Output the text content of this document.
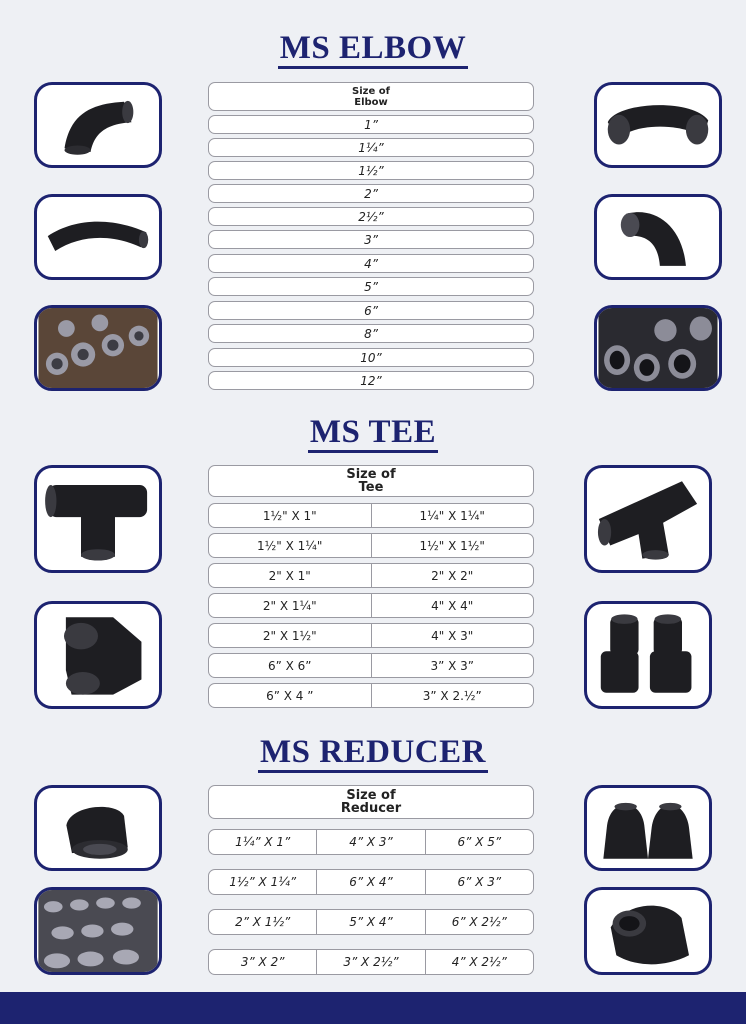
MS ELBOW
Size of
Elbow
1”
1¼”
1½”
2”
2½”
3”
4”
5”
6”
8”
10”
12”
MS TEE
Size of
Tee
1½" X 1"	1¼" X 1¼"
1½" X 1¼"	1½" X 1½"
2" X 1"	2" X 2"
2" X 1¼"	4" X 4"
2" X 1½"	4" X 3"
6” X 6”	3” X 3”
6” X 4 ”	3” X 2.½”
MS REDUCER
Size of
Reducer
1¼” X 1”	4” X 3”	6” X 5”
1½” X 1¼”	6” X 4”	6” X 3”
2” X 1½”	5” X 4”	6” X 2½”
3” X 2”	3” X 2½”	4” X 2½”
